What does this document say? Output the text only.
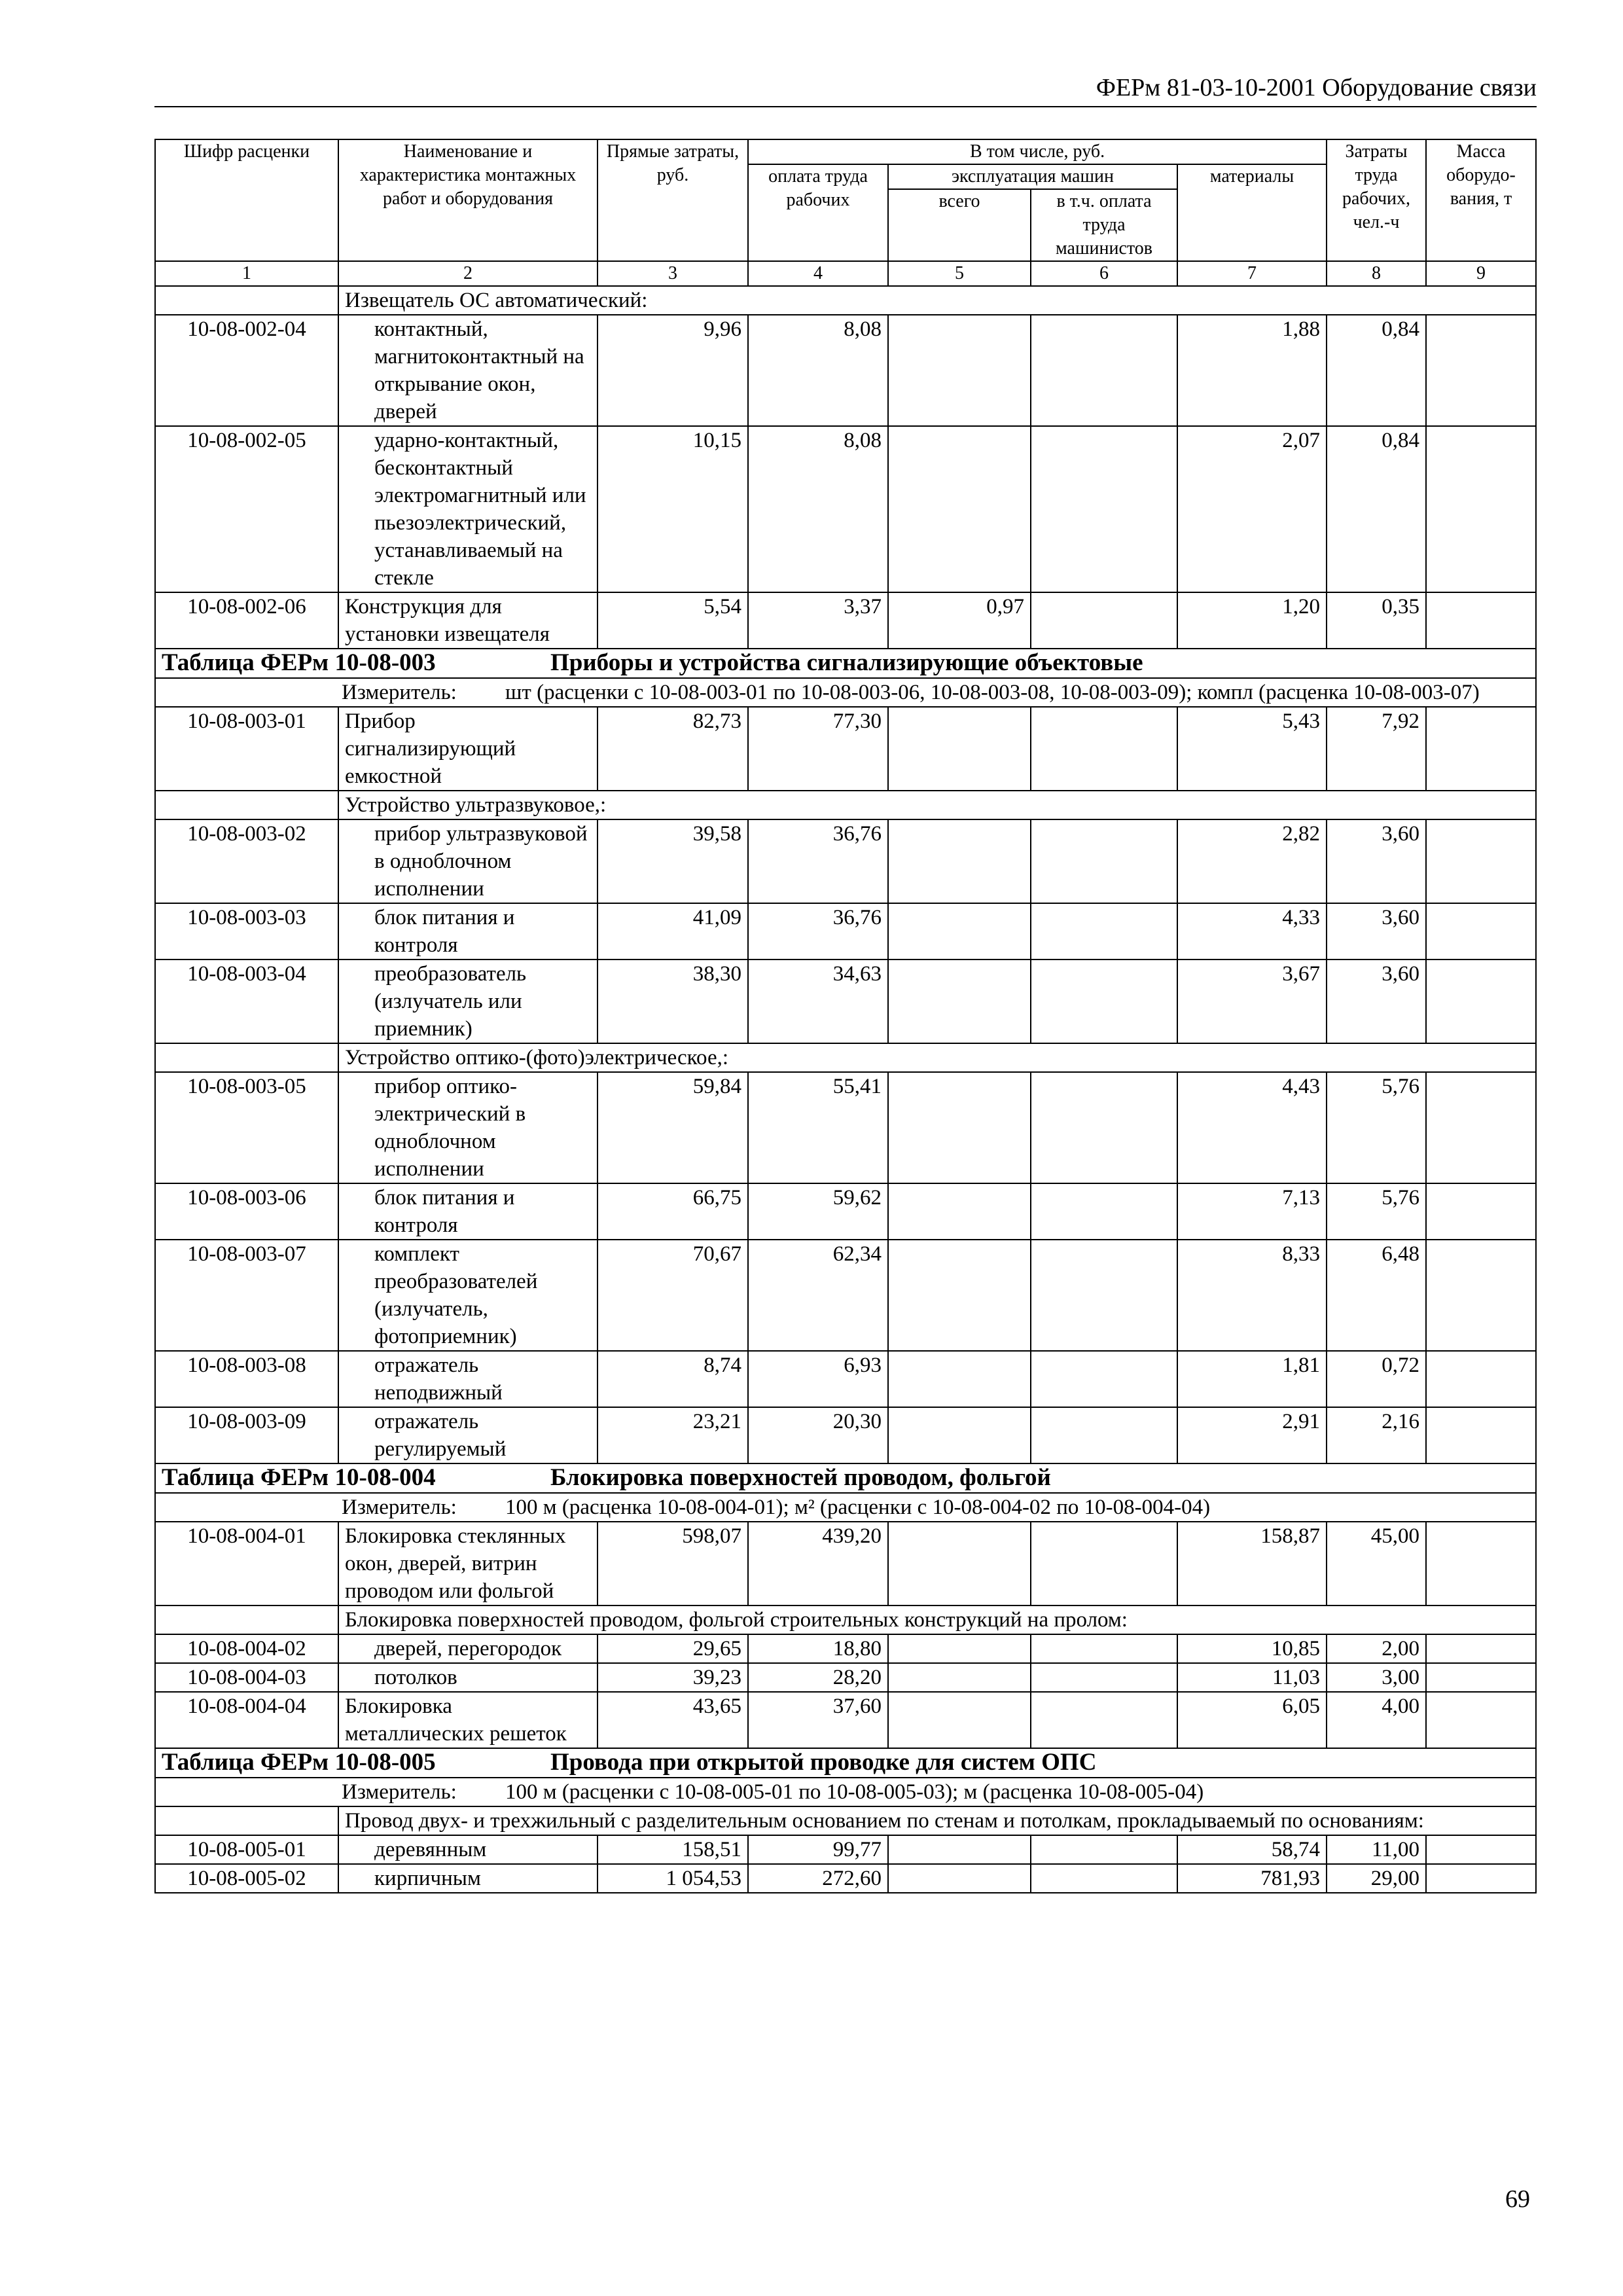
ФЕРм 81-03-10-2001 Оборудование связи
Шифр расценки	Наименование и характеристика монтажных работ и оборудования	Прямые затраты, руб.	В том числе, руб.				Затраты труда рабочих, чел.-ч	Масса оборудо-вания, т
			оплата труда рабочих	эксплуатация машин		материалы		
				всего	в т.ч. оплата труда машинистов			
1	2	3	4	5	6	7	8	9
	Извещатель ОС автоматический:							
10-08-002-04	контактный, магнитоконтактный на открывание окон, дверей	9,96	8,08			1,88	0,84	
10-08-002-05	ударно-контактный, бесконтактный электромагнитный или пьезоэлектрический, устанавливаемый на стекле	10,15	8,08			2,07	0,84	
10-08-002-06	Конструкция для установки извещателя	5,54	3,37	0,97		1,20	0,35	
Таблица ФЕРм 10-08-003 Приборы и устройства сигнализирующие объектовые								
Измеритель: шт (расценки с 10-08-003-01 по 10-08-003-06, 10-08-003-08, 10-08-003-09); компл (расценка 10-08-003-07)								
10-08-003-01	Прибор сигнализирующий емкостной	82,73	77,30			5,43	7,92	
	Устройство ультразвуковое,:							
10-08-003-02	прибор ультразвуковой в одноблочном исполнении	39,58	36,76			2,82	3,60	
10-08-003-03	блок питания и контроля	41,09	36,76			4,33	3,60	
10-08-003-04	преобразователь (излучатель или приемник)	38,30	34,63			3,67	3,60	
	Устройство оптико-(фото)электрическое,:							
10-08-003-05	прибор оптико-электрический в одноблочном исполнении	59,84	55,41			4,43	5,76	
10-08-003-06	блок питания и контроля	66,75	59,62			7,13	5,76	
10-08-003-07	комплект преобразователей (излучатель, фотоприемник)	70,67	62,34			8,33	6,48	
10-08-003-08	отражатель неподвижный	8,74	6,93			1,81	0,72	
10-08-003-09	отражатель регулируемый	23,21	20,30			2,91	2,16	
Таблица ФЕРм 10-08-004 Блокировка поверхностей проводом, фольгой								
Измеритель: 100 м (расценка 10-08-004-01); м² (расценки с 10-08-004-02 по 10-08-004-04)								
10-08-004-01	Блокировка стеклянных окон, дверей, витрин проводом или фольгой	598,07	439,20			158,87	45,00	
	Блокировка поверхностей проводом, фольгой строительных конструкций на пролом:							
10-08-004-02	дверей, перегородок	29,65	18,80			10,85	2,00	
10-08-004-03	потолков	39,23	28,20			11,03	3,00	
10-08-004-04	Блокировка металлических решеток	43,65	37,60			6,05	4,00	
Таблица ФЕРм 10-08-005 Провода при открытой проводке для систем ОПС								
Измеритель: 100 м (расценки с 10-08-005-01 по 10-08-005-03); м (расценка 10-08-005-04)								
	Провод двух- и трехжильный с разделительным основанием по стенам и потолкам, прокладываемый по основаниям:							
10-08-005-01	деревянным	158,51	99,77			58,74	11,00	
10-08-005-02	кирпичным	1 054,53	272,60			781,93	29,00	
69
